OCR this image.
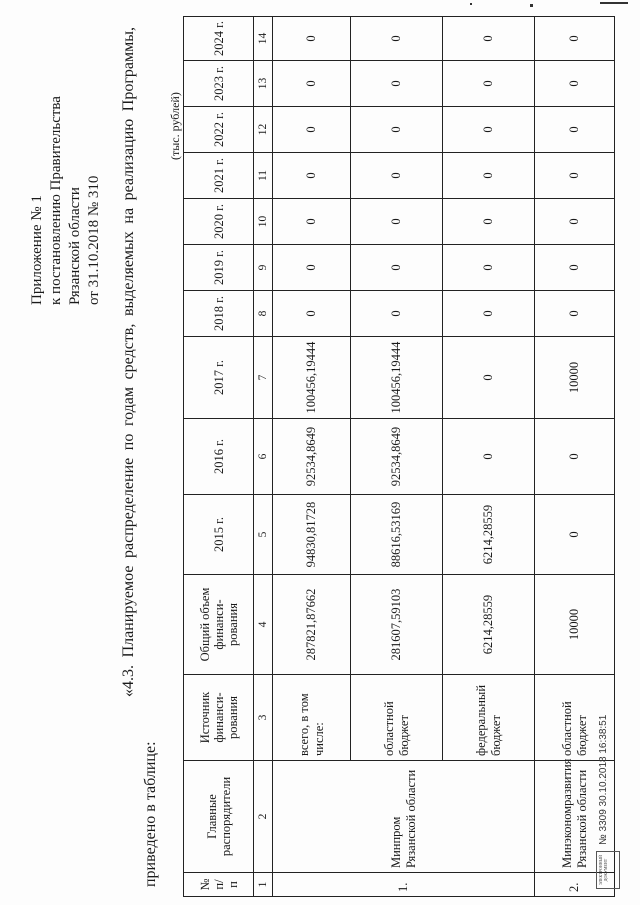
Приложение № 1 к постановлению Правительства Рязанской области от 31.10.2018 № 310 «4.3. Планируемое распределение по годам средств, выделяемых на реализацию Программы, приведено в таблице:
(тыс. рублей)
№ п/п	Главные распорядители	Источник финанси-рования	Общий объем финанси-рования	2015 г.	2016 г.	2017 г.	2018 г.	2019 г.	2020 г.	2021 г.	2022 г.	2023 г.	2024 г.
1	2	3	4	5	6	7	8	9	10	11	12	13	14
1.	Минпром Рязанской области	всего, в том числе:	287821,87662	94830,81728	92534,8649	100456,19444	0	0	0	0	0	0	0
		областной бюджет	281607,59103	88616,53169	92534,8649	100456,19444	0	0	0	0	0	0	0
		федеральный бюджет	6214,28559	6214,28559	0	0	0	0	0	0	0	0	0
2.	Минэкономразвития Рязанской области	областной бюджет	10000	0	0	10000	0	0	0	0	0	0	0
ЭЛЕКТРОННЫЙ ДОКУМЕНТ
№ 3309 30.10.2018 16:38:51
